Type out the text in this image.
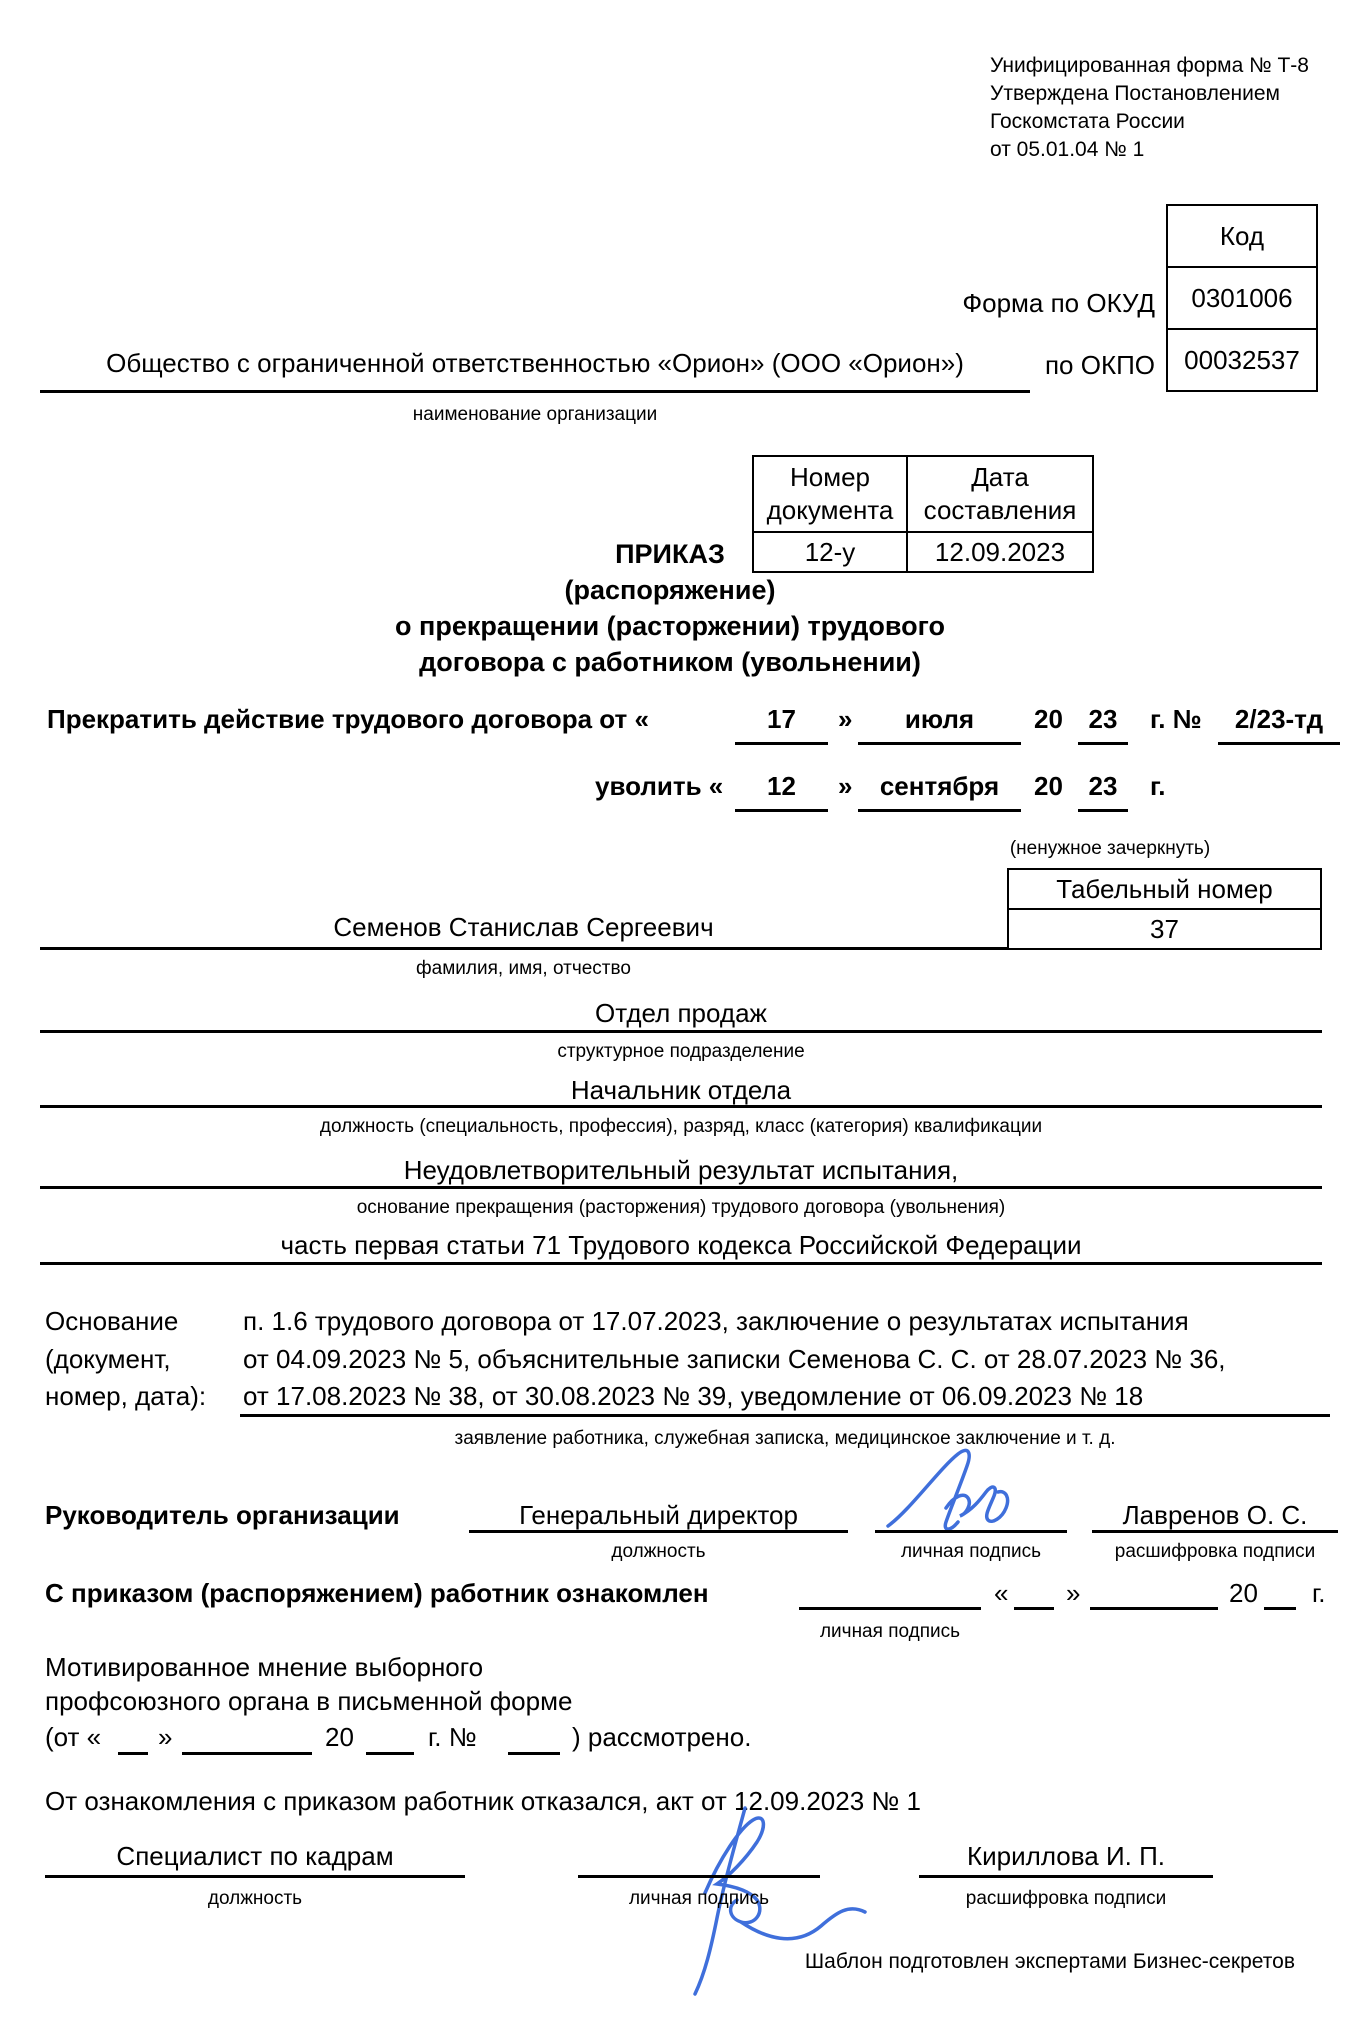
Унифицированная форма № Т-8
Утверждена Постановлением
Госкомстата России
от 05.01.04 № 1
Код
0301006
00032537
Форма по ОКУД
по ОКПО
Общество с ограниченной ответственностью «Орион» (ООО «Орион»)
наименование организации
Номер документа
Дата составления
12-у	12.09.2023
ПРИКАЗ
(распоряжение)
о прекращении (расторжении) трудового
договора с работником (увольнении)
Прекратить действие трудового договора от «	17	»	июля	20 23	г. №	2/23-тд
уволить «	12	»	сентября	20 23	г.
(ненужное зачеркнуть)
Табельный номер
37
Семенов Станислав Сергеевич
фамилия, имя, отчество
Отдел продаж
структурное подразделение
Начальник отдела
должность (специальность, профессия), разряд, класс (категория) квалификации
Неудовлетворительный результат испытания,
основание прекращения (расторжения) трудового договора (увольнения)
часть первая статьи 71 Трудового кодекса Российской Федерации
Основание
(документ,
номер, дата):
п. 1.6 трудового договора от 17.07.2023, заключение о результатах испытания
от 04.09.2023 № 5, объяснительные записки Семенова С. С. от 28.07.2023 № 36,
от 17.08.2023 № 38, от 30.08.2023 № 39, уведомление от 06.09.2023 № 18
заявление работника, служебная записка, медицинское заключение и т. д.
Руководитель организации	Генеральный директор
должность	личная подпись
Лавренов О. С.
расшифровка подписи
С приказом (распоряжением) работник ознакомлен	« »	20 г.
личная подпись
Мотивированное мнение выборного
профсоюзного органа в письменной форме
(от « »	20	г. №	) рассмотрено.
От ознакомления с приказом работник отказался, акт от 12.09.2023 № 1
Специалист по кадрам
должность	личная подпись
Кириллова И. П.
расшифровка подписи
Шаблон подготовлен экспертами Бизнес-секретов
